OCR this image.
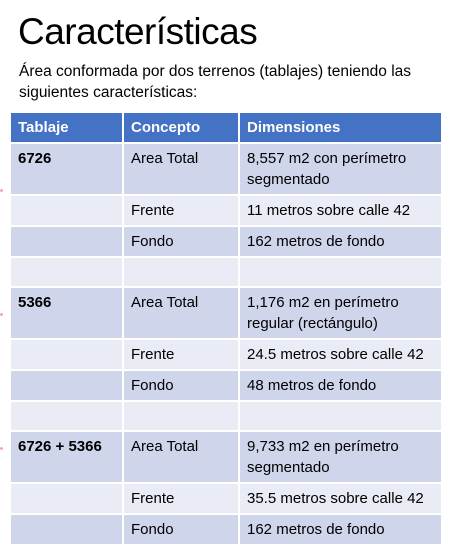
Características
Área conformada por dos terrenos (tablajes) teniendo las siguientes características:
Tablaje	Concepto	Dimensiones
6726	Area Total	8,557 m2 con perímetro segmentado
	Frente	11 metros sobre calle 42
	Fondo	162 metros de fondo

5366	Area Total	1,176 m2 en perímetro regular (rectángulo)
	Frente	24.5 metros sobre calle 42
	Fondo	48 metros de fondo

6726 + 5366	Area Total	9,733 m2 en perímetro segmentado
	Frente	35.5 metros sobre calle 42
	Fondo	162 metros de fondo
